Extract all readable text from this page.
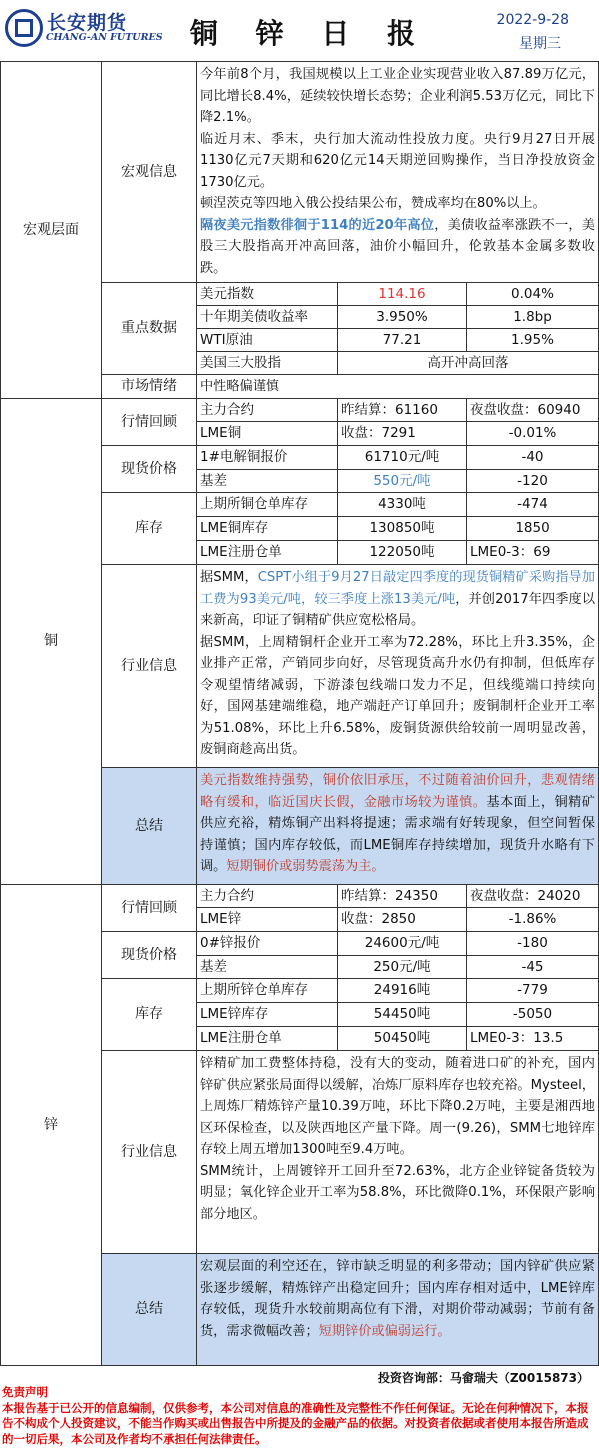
长安期货
CHANG-AN FUTURES 铜 锌 日 报	2022-9-28
星期三
宏观层面
宏观信息
今年前8个月，我国规模以上工业企业实现营业收入87.89万亿元，同比增长8.4%，延续较快增长态势；企业利润5.53万亿元，同比下降2.1%。
临近月末、季末，央行加大流动性投放力度。央行9月27日开展1130亿元7天期和620亿元14天期逆回购操作，当日净投放资金1730亿元。
顿涅茨克等四地入俄公投结果公布，赞成率均在80%以上。
隔夜美元指数徘徊于114的近20年高位，美债收益率涨跌不一，美股三大股指高开冲高回落，油价小幅回升，伦敦基本金属多数收跌。
重点数据
美元指数	114.16	0.04%
十年期美债收益率	3.950%	1.8bp
WTI原油	77.21	1.95%
美国三大股指	高开冲高回落
市场情绪	中性略偏谨慎
铜
行情回顾
主力合约	昨结算：61160	夜盘收盘：60940
LME铜	收盘：7291	-0.01%
现货价格
1#电解铜报价	61710元/吨	-40
基差	550元/吨	-120
库存
上期所铜仓单库存	4330吨	-474
LME铜库存	130850吨	1850
LME注册仓单	122050吨	LME0-3：69
行业信息
据SMM，CSPT小组于9月27日敲定四季度的现货铜精矿采购指导加工费为93美元/吨，较三季度上涨13美元/吨，并创2017年四季度以来新高，印证了铜精矿供应宽松格局。
据SMM，上周精铜杆企业开工率为72.28%，环比上升3.35%，企业排产正常，产销同步向好，尽管现货高升水仍有抑制，但低库存令观望情绪减弱，下游漆包线端口发力不足，但线缆端口持续向好，国网基建端维稳，地产端赶产订单回升；废铜制杆企业开工率为51.08%，环比上升6.58%，废铜货源供给较前一周明显改善，废铜商趁高出货。
总结
美元指数维持强势，铜价依旧承压，不过随着油价回升，悲观情绪略有缓和，临近国庆长假，金融市场较为谨慎。基本面上，铜精矿供应充裕，精炼铜产出料将提速；需求端有好转现象，但空间暂保持谨慎；国内库存较低，而LME铜库存持续增加，现货升水略有下调。短期铜价或弱势震荡为主。
锌
行情回顾
主力合约	昨结算：24350	夜盘收盘：24020
LME锌	收盘：2850	-1.86%
现货价格
0#锌报价	24600元/吨	-180
基差	250元/吨	-45
库存
上期所锌仓单库存	24916吨	-779
LME锌库存	54450吨	-5050
LME注册仓单	50450吨	LME0-3：13.5
行业信息
锌精矿加工费整体持稳，没有大的变动，随着进口矿的补充，国内锌矿供应紧张局面得以缓解，冶炼厂原料库存也较充裕。Mysteel，上周炼厂精炼锌产量10.39万吨，环比下降0.2万吨，主要是湘西地区环保检查，以及陕西地区产量下降。周一(9.26)，SMM七地锌库存较上周五增加1300吨至9.4万吨。
SMM统计，上周镀锌开工回升至72.63%，北方企业锌锭备货较为明显；氧化锌企业开工率为58.8%，环比微降0.1%，环保限产影响部分地区。
总结
宏观层面的利空还在，锌市缺乏明显的利多带动；国内锌矿供应紧张逐步缓解，精炼锌产出稳定回升；国内库存相对适中，LME锌库存较低，现货升水较前期高位有下滑，对期价带动减弱；节前有备货，需求微幅改善；短期锌价或偏弱运行。
投资咨询部：马畲瑞夫（Z0015873）
免责声明
本报告基于已公开的信息编制，仅供参考，本公司对信息的准确性及完整性不作任何保证。无论在何种情况下，本报告不构成个人投资建议，不能当作购买或出售报告中所提及的金融产品的依据。对投资者依据或者使用本报告所造成的一切后果，本公司及作者均不承担任何法律责任。
